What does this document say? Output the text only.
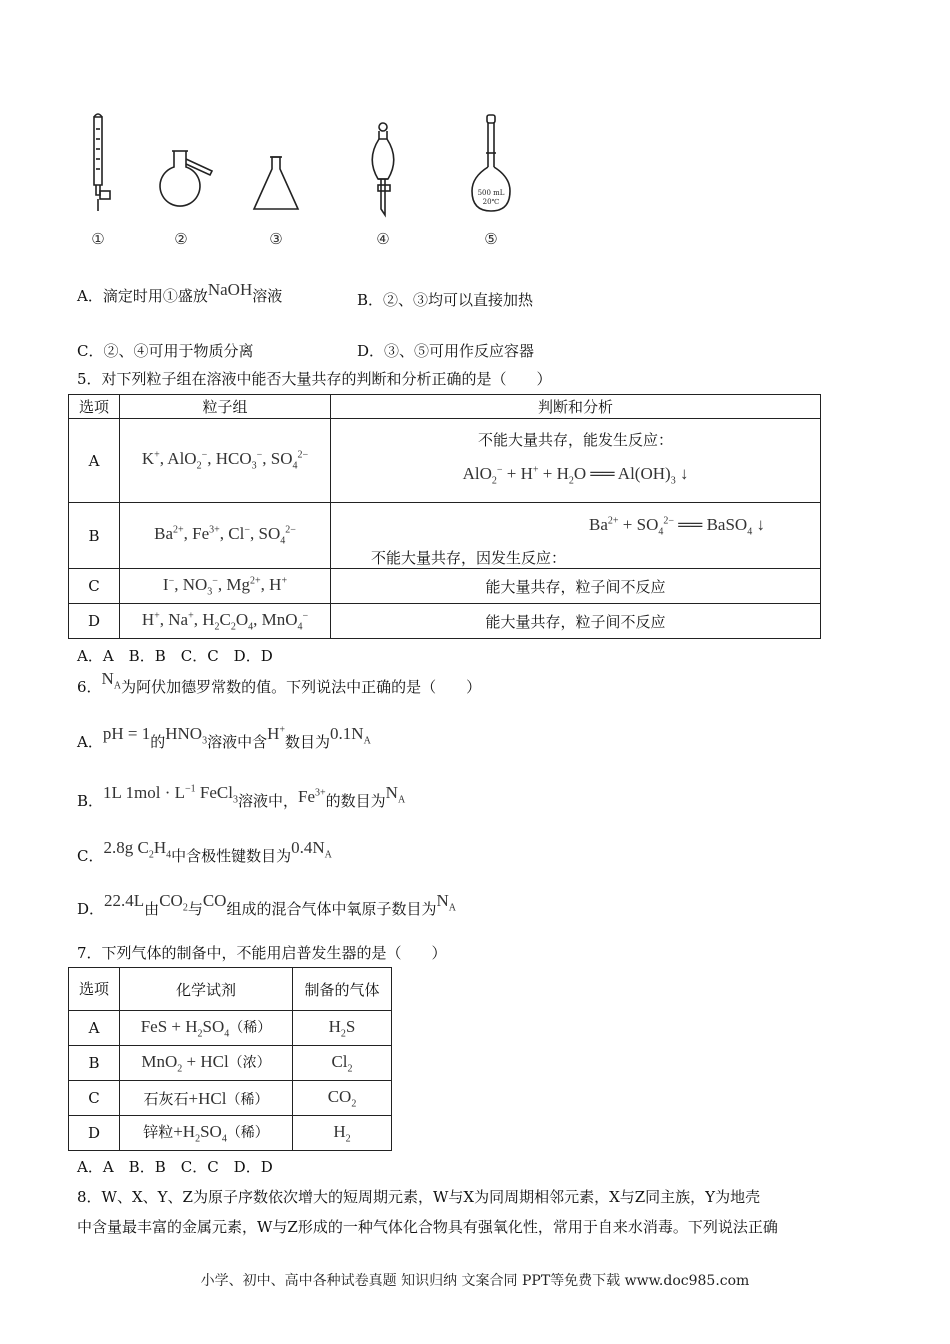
500 mL
20℃
①	②	③	④	⑤
A．滴定时用①盛放NaOH溶液	B．②、③均可以直接加热
C．②、④可用于物质分离	D．③、⑤可用作反应容器
5．对下列粒子组在溶液中能否大量共存的判断和分析正确的是（　　）
选项	粒子组	判断和分析
A	K+, AlO$_2$−, $HCO_3^-$, $SO_4^{2-}$	不能大量共存，能发生反应：
$AlO_2^- + H^+ + H_2O$ ══ $Al(OH)_3$ ↓

B	$Ba^{2+}$, $Fe^{3+}$, Cl−, $SO_4^{2-}$	$Ba^{2+} + SO_4^{2-}$ ══ BaSO$_4$ ↓
不能大量共存，因发生反应：

C	I−, $NO_3^-$, $Mg^{2+}$, H+	能大量共存，粒子间不反应
D	H+, Na+, $H_2C_2O_4$, MnO$_4$−	能大量共存，粒子间不反应
A．A　B．B　C．C　D．D
6．$N_A$为阿伏加德罗常数的值。下列说法中正确的是（　　）
A．pH = 1的$HNO_3$溶液中含H+数目为$0.1N_A$
B．1L $1mol \cdot L^{-1}$ FeCl$_3$溶液中，$Fe^{3+}$的数目为$N_A$
C．2.8g $C_2H_4$中含极性键数目为$0.4N_A$
D．22.4L由$CO_2$与CO组成的混合气体中氧原子数目为$N_A$
7．下列气体的制备中，不能用启普发生器的是（　　）
选项	化学试剂	制备的气体
A	FeS + $H_2SO_4$（稀）	$H_2S$
B	MnO$_2$ + HCl（浓）	$Cl_2$
C	石灰石+HCl（稀）	$CO_2$
D	锌粒$+H_2SO_4$（稀）	$H_2$
A．A　B．B　C．C　D．D
8．W、X、Y、Z为原子序数依次增大的短周期元素，W与X为同周期相邻元素，X与Z同主族，Y为地壳
中含量最丰富的金属元素，W与Z形成的一种气体化合物具有强氧化性，常用于自来水消毒。下列说法正确
小学、初中、高中各种试卷真题 知识归纳 文案合同 PPT等免费下载 www.doc985.com
